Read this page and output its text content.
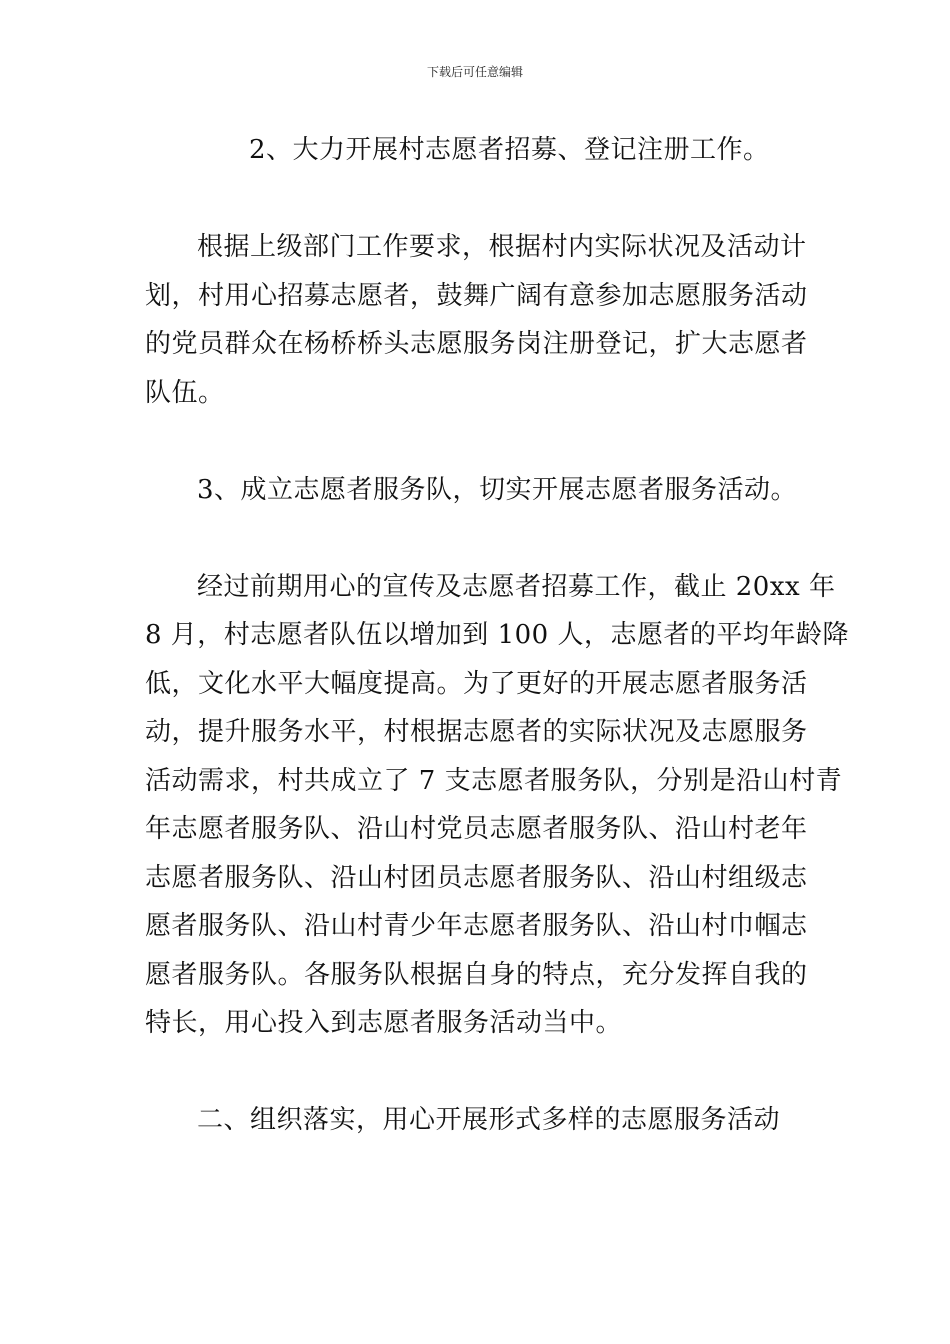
下载后可任意编辑

2、大力开展村志愿者招募、登记注册工作。

根据上级部门工作要求，根据村内实际状况及活动计
划，村用心招募志愿者，鼓舞广阔有意参加志愿服务活动
的党员群众在杨桥桥头志愿服务岗注册登记，扩大志愿者
队伍。

3、成立志愿者服务队，切实开展志愿者服务活动。

经过前期用心的宣传及志愿者招募工作，截止 20xx 年
8 月，村志愿者队伍以增加到 100 人，志愿者的平均年龄降
低，文化水平大幅度提高。为了更好的开展志愿者服务活
动，提升服务水平，村根据志愿者的实际状况及志愿服务
活动需求，村共成立了 7 支志愿者服务队，分别是沿山村青
年志愿者服务队、沿山村党员志愿者服务队、沿山村老年
志愿者服务队、沿山村团员志愿者服务队、沿山村组级志
愿者服务队、沿山村青少年志愿者服务队、沿山村巾帼志
愿者服务队。各服务队根据自身的特点，充分发挥自我的
特长，用心投入到志愿者服务活动当中。

二、组织落实，用心开展形式多样的志愿服务活动
